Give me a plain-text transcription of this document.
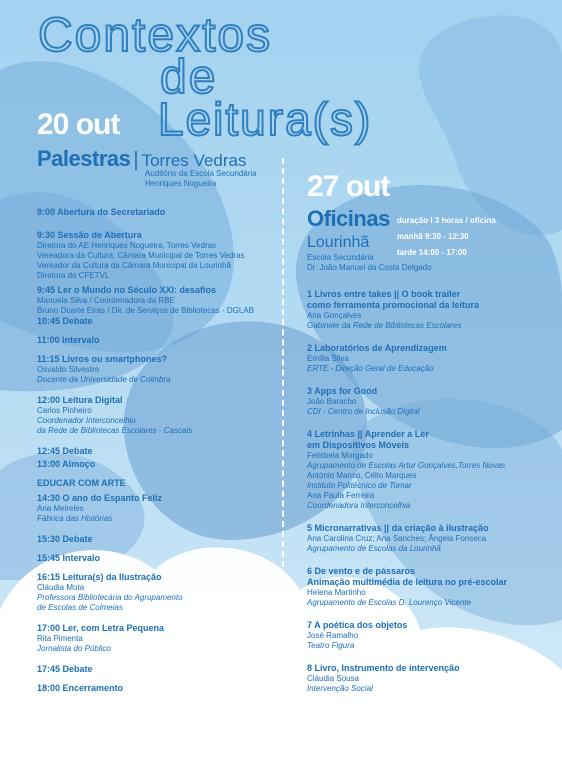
Contextos

de

Leitura(s)

20 out

Palestras | Torres Vedras
Auditório da Escola Secundária
Henriques Nogueira	27 out

Oficinas
Lourinhã
Escola Secundária
Dr. João Manuel da Costa Delgado
duração I 3 horas / oficina
manhã 9:30 - 12:30
tarde 14:00 - 17:00
9:00 Abertura do Secretariado
9:30 Sessão de Abertura
Diretora do AE Henriques Nogueira, Torres Vedras
Vereadora da Cultura, Câmara Municipal de Torres Vedras
Vereador da Cultura da Câmara Municipal da Lourinhã
Diretora do CFETVL
9:45 Ler o Mundo no Século XXI: desafios
Manuela Silva / Coordenadora da RBE
Bruno Duarte Eiras / Dir. de Serviços de Bibliotecas - DGLAB
10:45 Debate
11:00 Intervalo
11:15 Livros ou smartphones?
Osvaldo Silvestre
Docente da Universidade de Coimbra
12:00 Leitura Digital
Carlos Pinheiro
Coordenador Interconcelhio
da Rede de Bibliotecas Escolares - Cascais
12:45 Debate
13:00 Almoço
EDUCAR COM ARTE
14:30 O ano do Espanto Feliz
Ana Meireles
Fábrica das Histórias
15:30 Debate
15:45 Intervalo
16:15 Leitura(s) da Ilustração
Cláudia Mota
Professora Bibliotecária do Agrupamento
de Escolas de Colmeias
17:00 Ler, com Letra Pequena
Rita Pimenta
Jornalista do Público
17:45 Debate
18:00 Encerramento
1 Livros entre takes || O book trailer
como ferramenta promocional da leitura
Ana Gonçalves
Gabinete da Rede de Bibliotecas Escolares
2 Laboratórios de Aprendizagem
Emília Silva
ERTE - Direção Geral de Educação
3 Apps for Good
João Baracho
CDI - Centro de Inclusão Digital
4 Letrinhas || Aprender a Ler
em Dispositivos Móveis
Felisbela Morgado
Agrupamento de Escolas Artur Gonçalves,Torres Novas
António Manso, Célio Marques
Instituto Politécnico de Tomar
Ana Paula Ferreira
Coordenadora Interconcelhia
5 Micronarrativas || da criação à ilustração
Ana Carolina Cruz; Ana Sanches; Ângela Fonseca
Agrupamento de Escolas da Lourinhã
6 De vento e de pássaros
Animação multimédia de leitura no pré-escolar
Helena Martinho
Agrupamento de Escolas D. Lourenço Vicente
7 A poética dos objetos
José Ramalho
Teatro Figura
8 Livro, Instrumento de intervenção
Cláudia Sousa
Intervenção Social
